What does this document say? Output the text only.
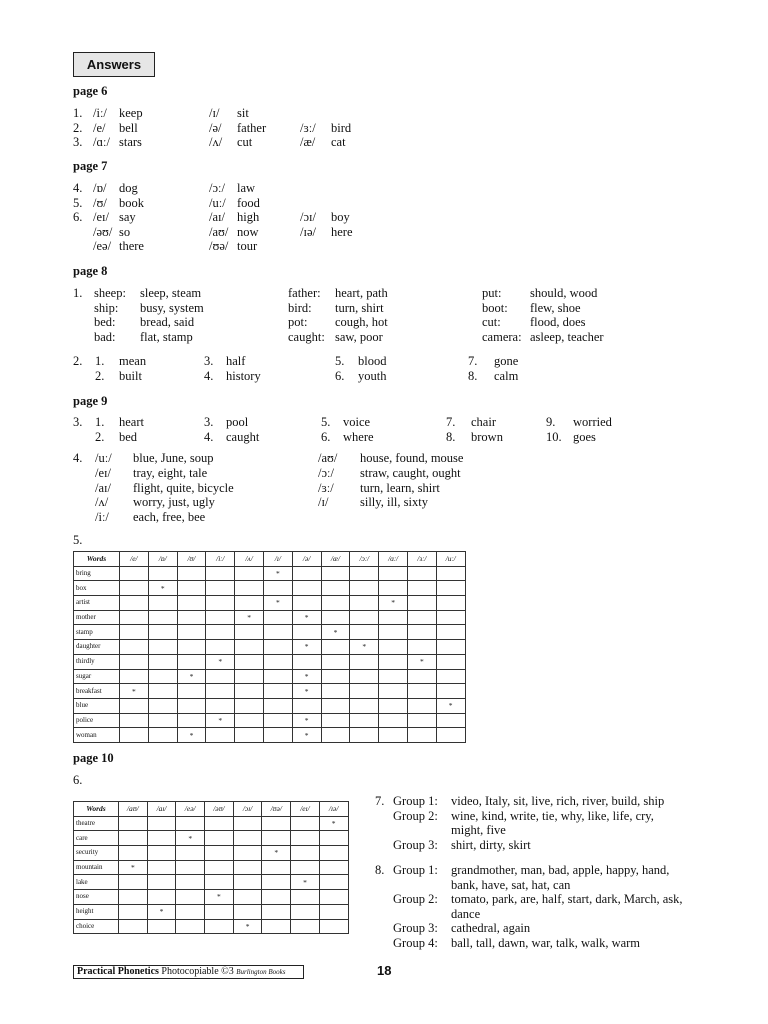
Answers
page 6
1. /iː/ keep	/ɪ/ sit
2. /e/ bell	/ə/ father	/ɜː/ bird
3. /ɑː/ stars	/ʌ/ cut	/æ/ cat
page 7
4. /ɒ/ dog	/ɔː/ law
5. /ʊ/ book	/uː/ food
6. /eɪ/ say	/aɪ/ high	/ɔɪ/ boy
/əʊ/ so	/aʊ/ now	/ɪə/ here
/eə/ there	/ʊə/ tour
page 8
1. sheep: sleep, steam	father: heart, path	put: should, wood
ship: busy, system	bird: turn, shirt	boot: flew, shoe
bed: bread, said	pot: cough, hot	cut: flood, does
bad: flat, stamp	caught: saw, poor	camera: asleep, teacher
2. 1. mean	3. half	5. blood	7. gone
2. built	4. history	6. youth	8. calm
page 9
3. 1. heart	3. pool	5. voice	7. chair	9. worried
2. bed	4. caught	6. where	8. brown	10. goes
4. /uː/ blue, June, soup
/eɪ/ tray, eight, tale
/aɪ/ flight, quite, bicycle
/ʌ/ worry, just, ugly
/iː/ each, free, bee
/aʊ/ house, found, mouse
/ɔː/ straw, caught, ought
/ɜː/ turn, learn, shirt
/ɪ/	silly, ill, sixty
5.
Words	/e/	/ɒ/	/ʊ/	/iː/	/ʌ/	/ɪ/	/ə/	/æ/	/ɔː/	/ɑː/	/ɜː/	/uː/
bring						*						
box		*										
artist						*				*		
mother					*		*					
stamp								*				
daughter							*		*			
thirdly				*							*	
sugar			*				*					
breakfast	*						*					
blue												*
police				*			*					
woman			*				*					
page 10
6.
Words	/aʊ/	/aɪ/	/eə/	/əʊ/	/ɔɪ/	/ʊə/	/eɪ/	/ɪə/
theatre								*
care			*					
security						*		
mountain	*							
lake							*	
nose				*				
height		*						
choice					*			
7. Group 1: video, Italy, sit, live, rich, river, build, ship
Group 2: wine, kind, write, tie, why, like, life, cry,
might, five
Group 3: shirt, dirty, skirt
8. Group 1: grandmother, man, bad, apple, happy, hand,
bank, have, sat, hat, can
Group 2: tomato, park, are, half, start, dark, March, ask,
dance
Group 3: cathedral, again
Group 4: ball, tall, dawn, war, talk, walk, warm
Practical Phonetics Photocopiable ©3 Burlington Books	18
